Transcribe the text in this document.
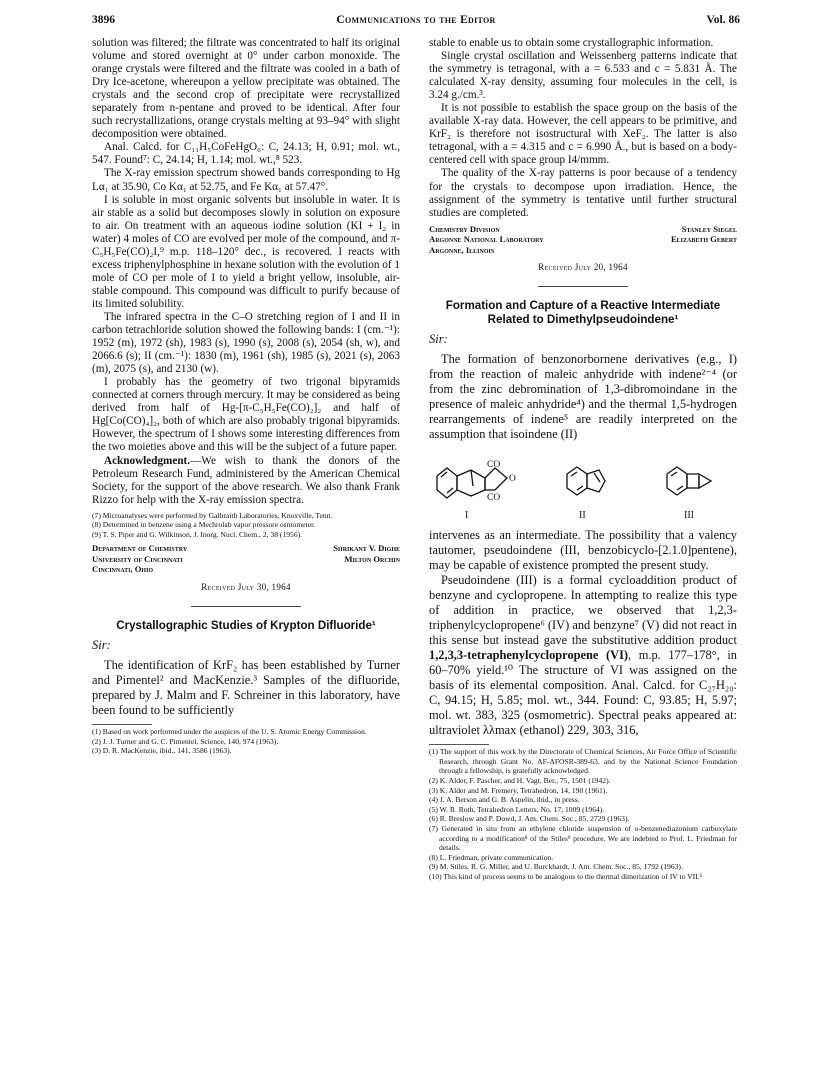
3896	Communications to the Editor	Vol. 86

solution was filtered; the filtrate was concentrated to half its original volume and stored overnight at 0° under carbon monoxide. The orange crystals were filtered and the filtrate was cooled in a bath of Dry Ice-acetone, whereupon a yellow precipitate was obtained. The crystals and the second crop of precipitate were recrystallized separately from n-pentane and proved to be identical. After four such recrystallizations, orange crystals melting at 93–94° with slight decomposition were obtained.

Anal. Calcd. for C₁₁H₅CoFeHgO₆: C, 24.13; H, 0.91; mol. wt., 547. Found⁷: C, 24.14; H, 1.14; mol. wt.,⁸ 523.

The X-ray emission spectrum showed bands corresponding to Hg Lα₁ at 35.90, Co Kα₁ at 52.75, and Fe Kα₁ at 57.47°.

I is soluble in most organic solvents but insoluble in water. It is air stable as a solid but decomposes slowly in solution on exposure to air. On treatment with an aqueous iodine solution (KI + I₂ in water) 4 moles of CO are evolved per mole of the compound, and π-C₅H₅Fe(CO)₂I,⁹ m.p. 118–120° dec., is recovered. I reacts with excess triphenylphosphine in hexane solution with the evolution of 1 mole of CO per mole of I to yield a bright yellow, insoluble, air-stable compound. This compound was difficult to purify because of its limited solubility.

The infrared spectra in the C–O stretching region of I and II in carbon tetrachloride solution showed the following bands: I (cm.⁻¹): 1952 (m), 1972 (sh), 1983 (s), 1990 (s), 2008 (s), 2054 (sh, w), and 2066.6 (s); II (cm.⁻¹): 1830 (m), 1961 (sh), 1985 (s), 2021 (s), 2063 (m), 2075 (s), and 2130 (w).

I probably has the geometry of two trigonal bipyramids connected at corners through mercury. It may be considered as being derived from half of Hg-[π-C₅H₅Fe(CO)₂]₂ and half of Hg[Co(CO)₄]₂, both of which are also probably trigonal bipyramids. However, the spectrum of I shows some interesting differences from the two moieties above and this will be the subject of a future paper.

Acknowledgment.—We wish to thank the donors of the Petroleum Research Fund, administered by the American Chemical Society, for the support of the above research. We also thank Frank Rizzo for help with the X-ray emission spectra.

(7) Microanalyses were performed by Galbraith Laboratories, Knoxville, Tenn.
(8) Determined in benzene using a Mechrolab vapor pressure osmometer.
(9) T. S. Piper and G. Wilkinson, J. Inorg. Nucl. Chem., 2, 38 (1956).
Department of Chemistry
University of Cincinnati
Cincinnati, Ohio
Shrikant V. Dighe
Milton Orchin
Received July 30, 1964
Crystallographic Studies of Krypton Difluoride¹
Sir:

The identification of KrF₂ has been established by Turner and Pimentel² and MacKenzie.³ Samples of the difluoride, prepared by J. Malm and F. Schreiner in this laboratory, have been found to be sufficiently

(1) Based on work performed under the auspices of the U. S. Atomic Energy Commission.
(2) J. J. Turner and G. C. Pimentel, Science, 140, 974 (1963).
(3) D. R. MacKenzie, ibid., 141, 3586 (1963).

stable to enable us to obtain some crystallographic information.

Single crystal oscillation and Weissenberg patterns indicate that the symmetry is tetragonal, with a = 6.533 and c = 5.831 Å. The calculated X-ray density, assuming four molecules in the cell, is 3.24 g./cm.³.

It is not possible to establish the space group on the basis of the available X-ray data. However, the cell appears to be primitive, and KrF₂ is therefore not isostructural with XeF₂. The latter is also tetragonal, with a = 4.315 and c = 6.990 Å., but is based on a body-centered cell with space group I4/mmm.

The quality of the X-ray patterns is poor because of a tendency for the crystals to decompose upon irradiation. Hence, the assignment of the symmetry is tentative until further structural studies are completed.

Chemistry Division
Argonne National Laboratory
Argonne, Illinois
Stanley Siegel
Elizabeth Gebert
Received July 20, 1964
Formation and Capture of a Reactive Intermediate Related to Dimethylpseudoindene¹
Sir:

The formation of benzonorbornene derivatives (e.g., I) from the reaction of maleic anhydride with indene²⁻⁴ (or from the zinc debromination of 1,3-dibromoindane in the presence of maleic anhydride⁴) and the thermal 1,5-hydrogen rearrangements of indene⁵ are readily interpreted on the assumption that isoindene (II)

CO
O
CO
I	II	III

intervenes as an intermediate. The possibility that a valency tautomer, pseudoindene (III, benzobicyclo-[2.1.0]pentene), may be capable of existence prompted the present study.

Pseudoindene (III) is a formal cycloaddition product of benzyne and cyclopropene. In attempting to realize this type of addition in practice, we observed that 1,2,3-triphenylcyclopropene⁶ (IV) and benzyne⁷ (V) did not react in this sense but instead gave the substitutive addition product 1,2,3,3-tetraphenylcyclopropene (VI), m.p. 177–178°, in 60–70% yield.¹⁰ The structure of VI was assigned on the basis of its elemental composition. Anal. Calcd. for C₂₇H₂₀: C, 94.15; H, 5.85; mol. wt., 344. Found: C, 93.85; H, 5.97; mol. wt. 383, 325 (osmometric). Spectral peaks appeared at: ultraviolet λλmax (ethanol) 229, 303, 316,

(1) The support of this work by the Directorate of Chemical Sciences, Air Force Office of Scientific Research, through Grant No. AF-AFOSR-389-63, and by the National Science Foundation through a fellowship, is gratefully acknowledged.
(2) K. Alder, F. Pascher, and H. Vagt, Ber., 75, 1501 (1942).
(3) K. Alder and M. Fremery, Tetrahedron, 14, 190 (1961).
(4) J. A. Berson and G. B. Aspelin, ibid., in press.
(5) W. R. Roth, Tetrahedron Letters, No. 17, 1009 (1964).
(6) R. Breslow and P. Dowd, J. Am. Chem. Soc., 85, 2729 (1963).
(7) Generated in situ from an ethylene chloride suspension of o-benzenediazonium carboxylate according to a modification⁸ of the Stiles⁹ procedure. We are indebted to Prof. L. Friedman for details.
(8) L. Friedman, private communication.
(9) M. Stiles, R. G. Miller, and U. Burckhardt, J. Am. Chem. Soc., 85, 1792 (1963).
(10) This kind of process seems to be analogous to the thermal dimerization of IV to VII.⁶
